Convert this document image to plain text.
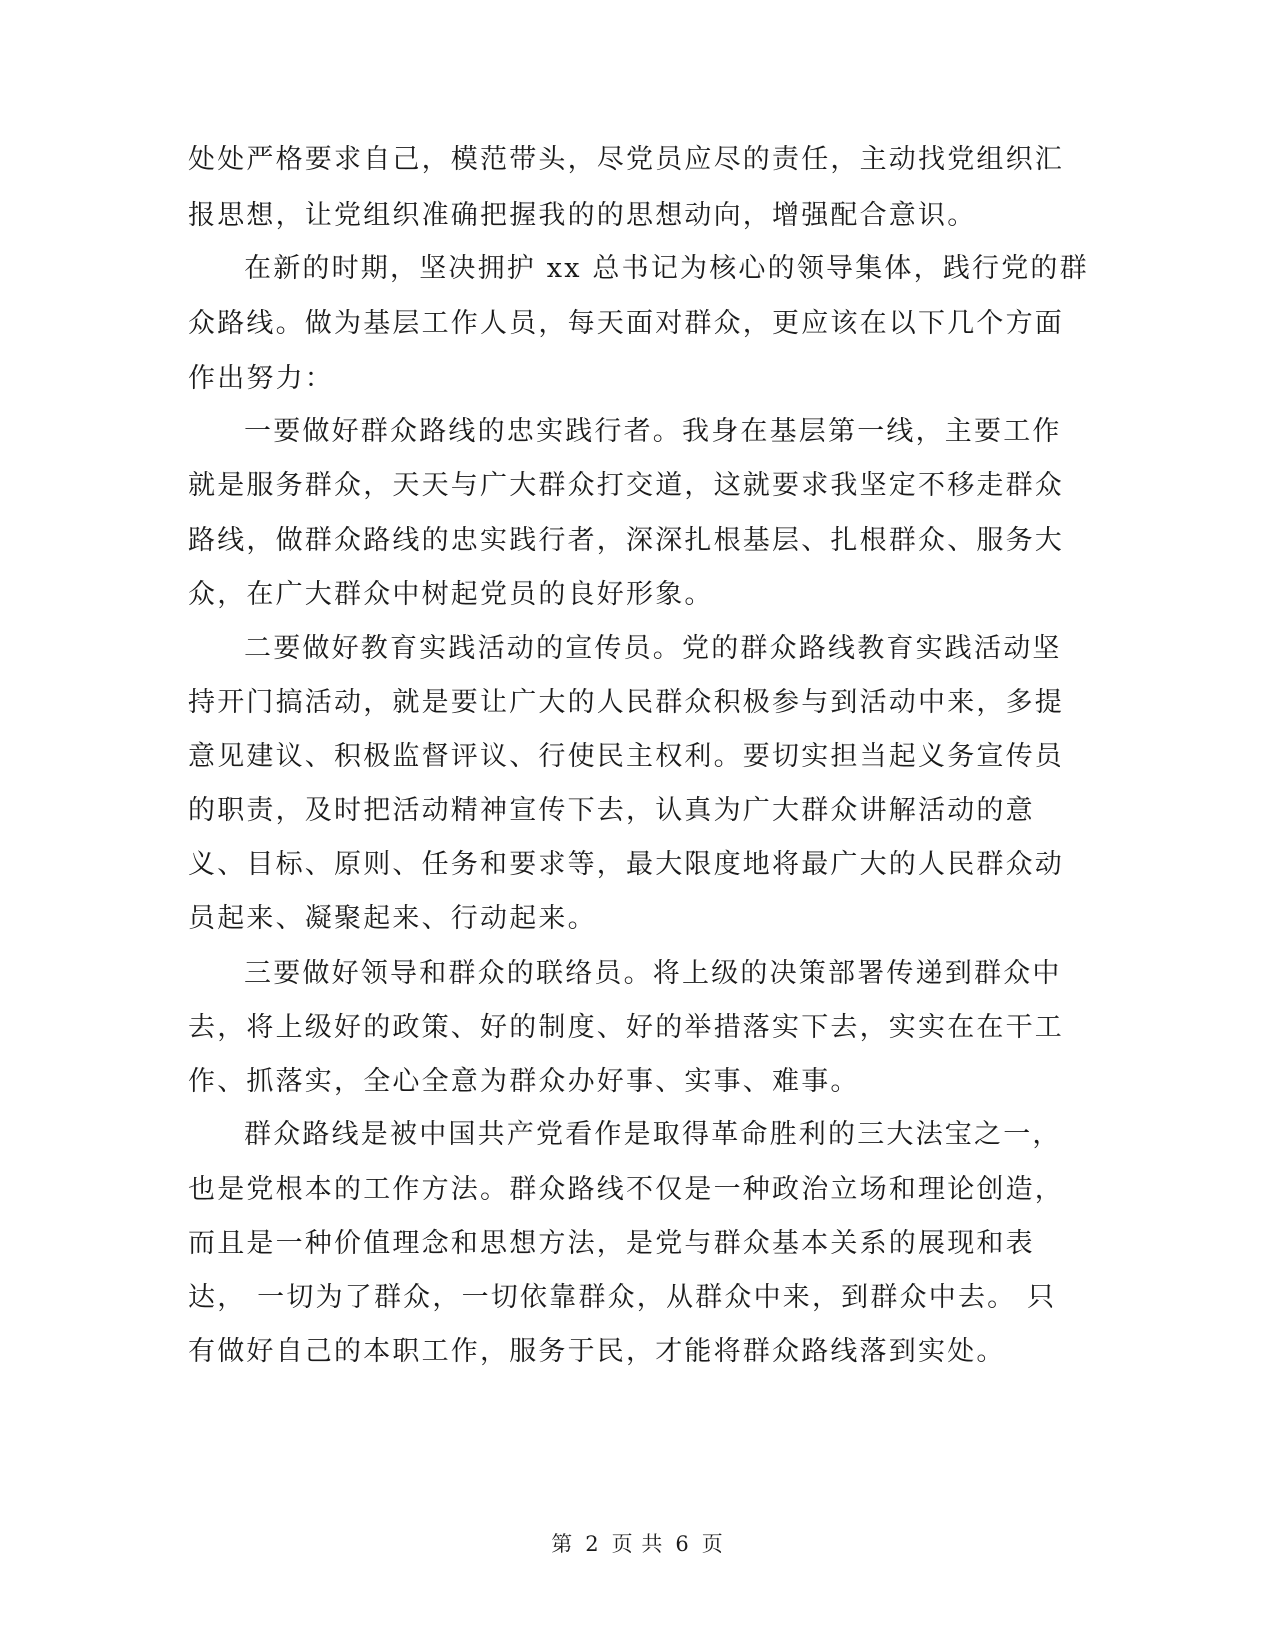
处处严格要求自己，模范带头，尽党员应尽的责任，主动找党组织汇
报思想，让党组织准确把握我的的思想动向，增强配合意识。
在新的时期，坚决拥护 xx 总书记为核心的领导集体，践行党的群
众路线。做为基层工作人员，每天面对群众，更应该在以下几个方面
作出努力：
一要做好群众路线的忠实践行者。我身在基层第一线，主要工作
就是服务群众，天天与广大群众打交道，这就要求我坚定不移走群众
路线，做群众路线的忠实践行者，深深扎根基层、扎根群众、服务大
众，在广大群众中树起党员的良好形象。
二要做好教育实践活动的宣传员。党的群众路线教育实践活动坚
持开门搞活动，就是要让广大的人民群众积极参与到活动中来，多提
意见建议、积极监督评议、行使民主权利。要切实担当起义务宣传员
的职责，及时把活动精神宣传下去，认真为广大群众讲解活动的意
义、目标、原则、任务和要求等，最大限度地将最广大的人民群众动
员起来、凝聚起来、行动起来。
三要做好领导和群众的联络员。将上级的决策部署传递到群众中
去，将上级好的政策、好的制度、好的举措落实下去，实实在在干工
作、抓落实，全心全意为群众办好事、实事、难事。
群众路线是被中国共产党看作是取得革命胜利的三大法宝之一，
也是党根本的工作方法。群众路线不仅是一种政治立场和理论创造，
而且是一种价值理念和思想方法，是党与群众基本关系的展现和表
达， 一切为了群众，一切依靠群众，从群众中来，到群众中去。 只
有做好自己的本职工作，服务于民，才能将群众路线落到实处。
第 2 页 共 6 页
